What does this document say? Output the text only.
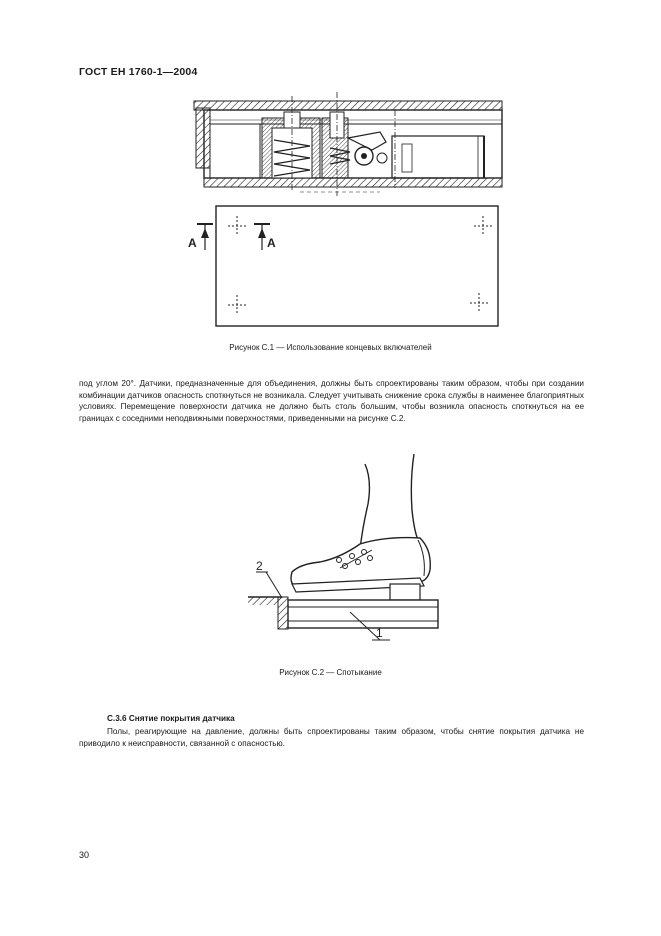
ГОСТ ЕН 1760-1—2004
A	A
Рисунок С.1 — Использование концевых включателей
под углом 20°. Датчики, предназначенные для объединения, должны быть спроектированы таким образом, чтобы при создании комбинации датчиков опасность споткнуться не возникала. Следует учитывать снижение срока службы в наименее благоприятных условиях. Перемещение поверхности датчика не должно быть столь большим, чтобы возникла опасность споткнуться на ее границах с соседними неподвижными поверхностями, приведенными на рисунке С.2.
2
1
Рисунок С.2 — Спотыкание
С.3.6 Снятие покрытия датчика
Полы, реагирующие на давление, должны быть спроектированы таким образом, чтобы снятие покрытия датчика не приводило к неисправности, связанной с опасностью.
30
